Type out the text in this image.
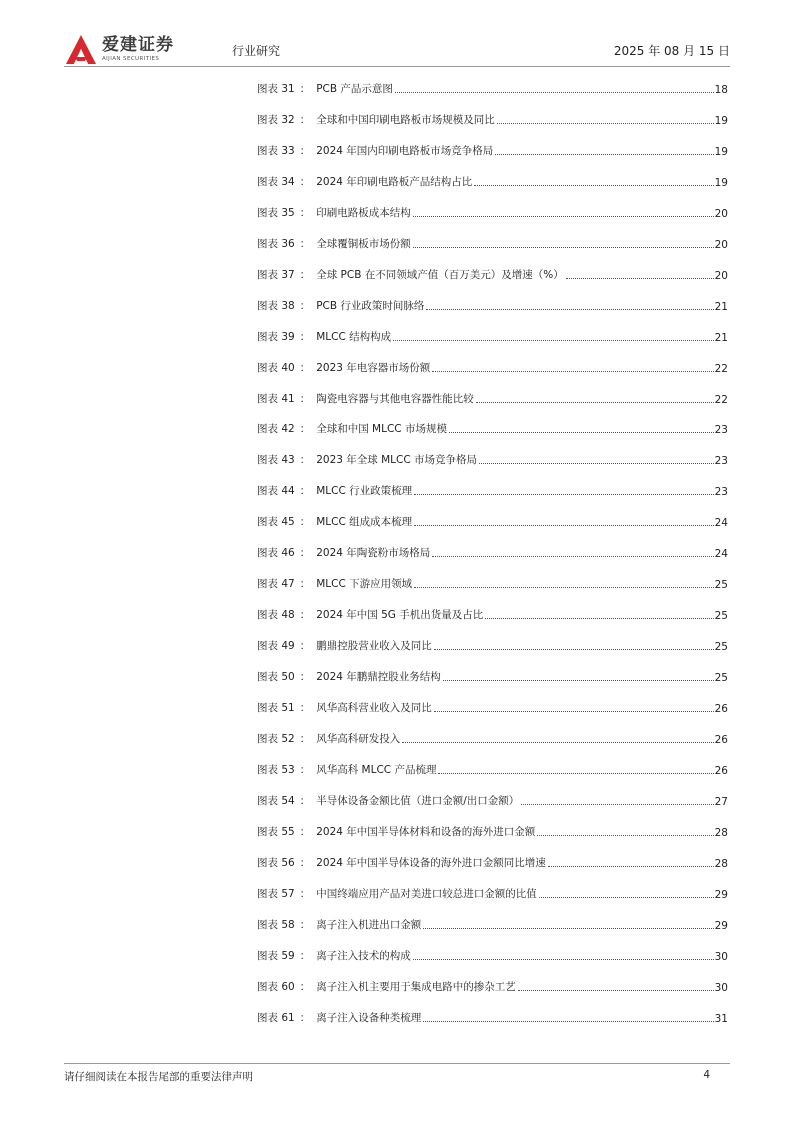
爱建证券
AIJIAN SECURITIES
行业研究	2025 年 08 月 15 日
图表 31 ： PCB 产品示意图	18
图表 32 ： 全球和中国印刷电路板市场规模及同比	19
图表 33 ： 2024 年国内印刷电路板市场竞争格局	19
图表 34 ： 2024 年印刷电路板产品结构占比	19
图表 35 ： 印刷电路板成本结构	20
图表 36 ： 全球覆铜板市场份额	20
图表 37 ： 全球 PCB 在不同领域产值（百万美元）及增速（%）	20
图表 38 ： PCB 行业政策时间脉络	21
图表 39 ： MLCC 结构构成	21
图表 40 ： 2023 年电容器市场份额	22
图表 41 ： 陶瓷电容器与其他电容器性能比较	22
图表 42 ： 全球和中国 MLCC 市场规模	23
图表 43 ： 2023 年全球 MLCC 市场竞争格局	23
图表 44 ： MLCC 行业政策梳理	23
图表 45 ： MLCC 组成成本梳理	24
图表 46 ： 2024 年陶瓷粉市场格局	24
图表 47 ： MLCC 下游应用领域	25
图表 48 ： 2024 年中国 5G 手机出货量及占比	25
图表 49 ： 鹏鼎控股营业收入及同比	25
图表 50 ： 2024 年鹏鼎控股业务结构	25
图表 51 ： 风华高科营业收入及同比	26
图表 52 ： 风华高科研发投入	26
图表 53 ： 风华高科 MLCC 产品梳理	26
图表 54 ： 半导体设备金额比值（进口金额/出口金额）	27
图表 55 ： 2024 年中国半导体材料和设备的海外进口金额	28
图表 56 ： 2024 年中国半导体设备的海外进口金额同比增速	28
图表 57 ： 中国终端应用产品对美进口较总进口金额的比值	29
图表 58 ： 离子注入机进出口金额	29
图表 59 ： 离子注入技术的构成	30
图表 60 ： 离子注入机主要用于集成电路中的掺杂工艺	30
图表 61 ： 离子注入设备种类梳理	31
请仔细阅读在本报告尾部的重要法律声明	4
